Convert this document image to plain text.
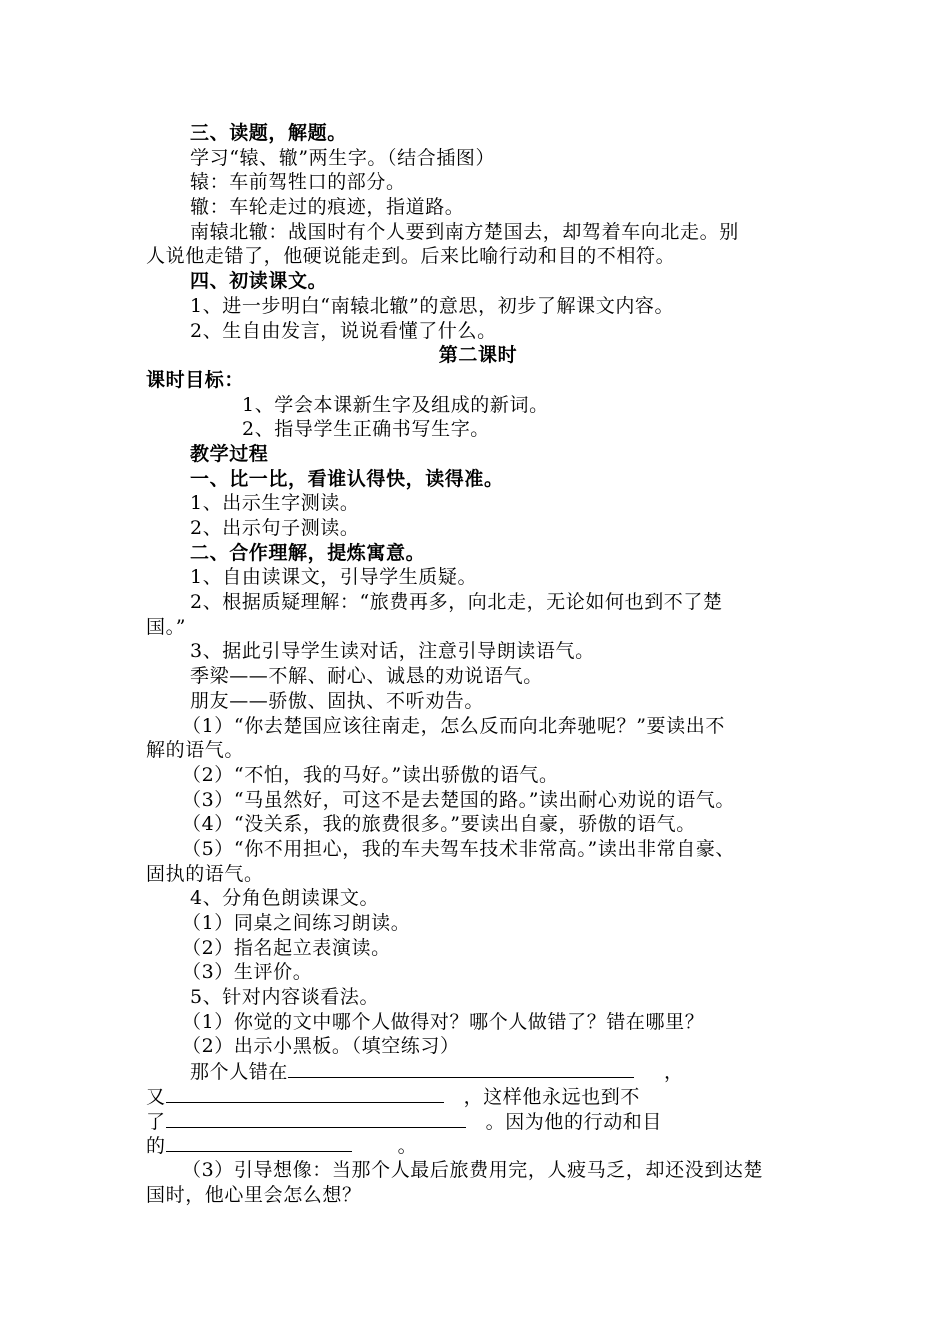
三、读题，解题。
学习“辕、辙”两生字。（结合插图）
辕：车前驾牲口的部分。
辙：车轮走过的痕迹，指道路。
南辕北辙：战国时有个人要到南方楚国去，却驾着车向北走。别
人说他走错了，他硬说能走到。后来比喻行动和目的不相符。
四、初读课文。
1、进一步明白“南辕北辙”的意思，初步了解课文内容。
2、生自由发言，说说看懂了什么。
第二课时
课时目标：
1、学会本课新生字及组成的新词。
2、指导学生正确书写生字。
教学过程
一、比一比，看谁认得快，读得准。
1、出示生字测读。
2、出示句子测读。
二、合作理解，提炼寓意。
1、自由读课文，引导学生质疑。
2、根据质疑理解：“旅费再多，向北走，无论如何也到不了楚
国。”
3、据此引导学生读对话，注意引导朗读语气。
季梁——不解、耐心、诚恳的劝说语气。
朋友——骄傲、固执、不听劝告。
（1）“你去楚国应该往南走，怎么反而向北奔驰呢？”要读出不
解的语气。
（2）“不怕，我的马好。”读出骄傲的语气。
（3）“马虽然好，可这不是去楚国的路。”读出耐心劝说的语气。
（4）“没关系，我的旅费很多。”要读出自豪，骄傲的语气。
（5）“你不用担心，我的车夫驾车技术非常高。”读出非常自豪、
固执的语气。
4、分角色朗读课文。
（1）同桌之间练习朗读。
（2）指名起立表演读。
（3）生评价。
5、针对内容谈看法。
（1）你觉的文中哪个人做得对？哪个人做错了？错在哪里？
（2）出示小黑板。（填空练习）
那个人错在	，
又	，这样他永远也到不
了	。因为他的行动和目
的	。
（3）引导想像：当那个人最后旅费用完，人疲马乏，却还没到达楚
国时，他心里会怎么想？
